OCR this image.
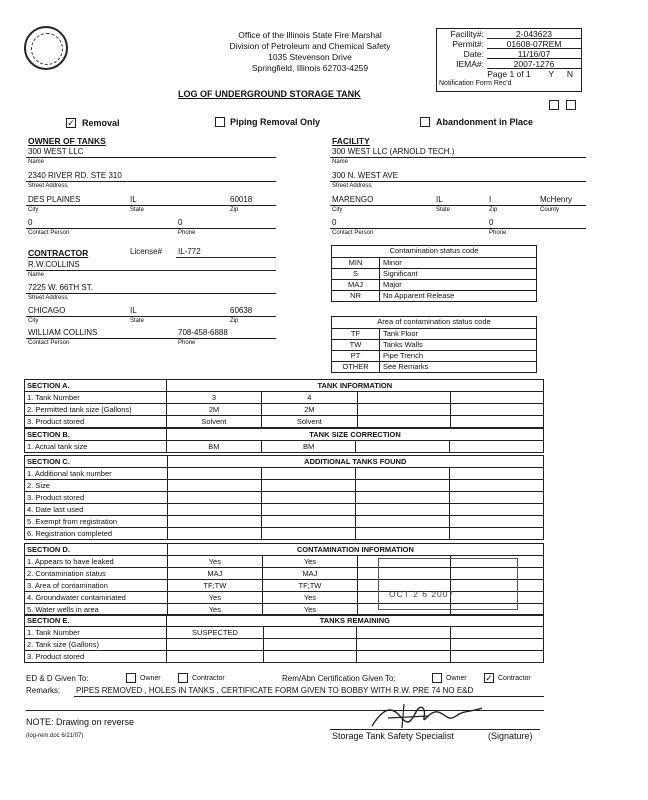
Office of the Illinois State Fire Marshal
Division of Petroleum and Chemical Safety
1035 Stevenson Drive
Springfield, Illinois 62703-4259
LOG OF UNDERGROUND STORAGE TANK
Facility#:	2-043623
Permit#:	01608-07REM
Date:	11/16/07
IEMA#:	2007-1276
Page 1 of 1 Y N
Notification Form Rec'd
✓ Removal	Piping Removal Only	Abandonment in Place
OWNER OF TANKS
300 WEST LLC
Name
2340 RIVER RD. STE 310
Street Address
DES PLAINES	IL	60018
City	State	Zip
0	0
Contact Person	Phone
FACILITY
300 WEST LLC (ARNOLD TECH.)
Name
300 N. WEST AVE
Street Address
MARENGO	IL	I	McHenry
City	State	Zip	County
0	0
Contact Person	Phone
CONTRACTOR	License# IL-772
R.W.COLLINS
Name
7225 W. 66TH ST.
Street Address
CHICAGO	IL	60638
City	State	Zip
WILLIAM COLLINS	708-458-6888
Contact Person	Phone
Contamination status code
MIN	Minor
S	Significant
MAJ	Major
NR	No Apparent Release
Area of contamination status code
TF	Tank Floor
TW	Tanks Walls
PT	Pipe Trench
OTHER	See Remarks
SECTION A.	TANK INFORMATION			
1. Tank Number	3	4		
2. Permitted tank size (Gallons)	2M	2M		
3. Product stored	Solvent	Solvent		
SECTION B.	TANK SIZE CORRECTION			
1. Actual tank size	BM	BM		
SECTION C.	ADDITIONAL TANKS FOUND			
1. Additional tank number				
2. Size				
3. Product stored				
4. Date last used				
5. Exempt from registration				
6. Registration completed				
SECTION D.	CONTAMINATION INFORMATION			
1. Appears to have leaked	Yes	Yes		
2. Contamination status	MAJ	MAJ		
3. Area of contamination	TF;TW	TF;TW		
4. Groundwater contaminated	Yes	Yes		
5. Water wells in area	Yes	Yes		
OCT 2 6 2007
SECTION E.	TANKS REMAINING			
1. Tank Number	SUSPECTED			
2. Tank size (Gallons)				
3. Product stored				
ED & D Given To:	Owner	Contractor	Rem/Abn Certification Given To:	Owner ✓ Contractor
Remarks: PIPES REMOVED , HOLES IN TANKS , CERTIFICATE FORM GIVEN TO BOBBY WITH R.W. PRE 74 NO E&D
NOTE: Drawing on reverse
(log-rem.doc 6/21/07)	Storage Tank Safety Specialist	(Signature)
